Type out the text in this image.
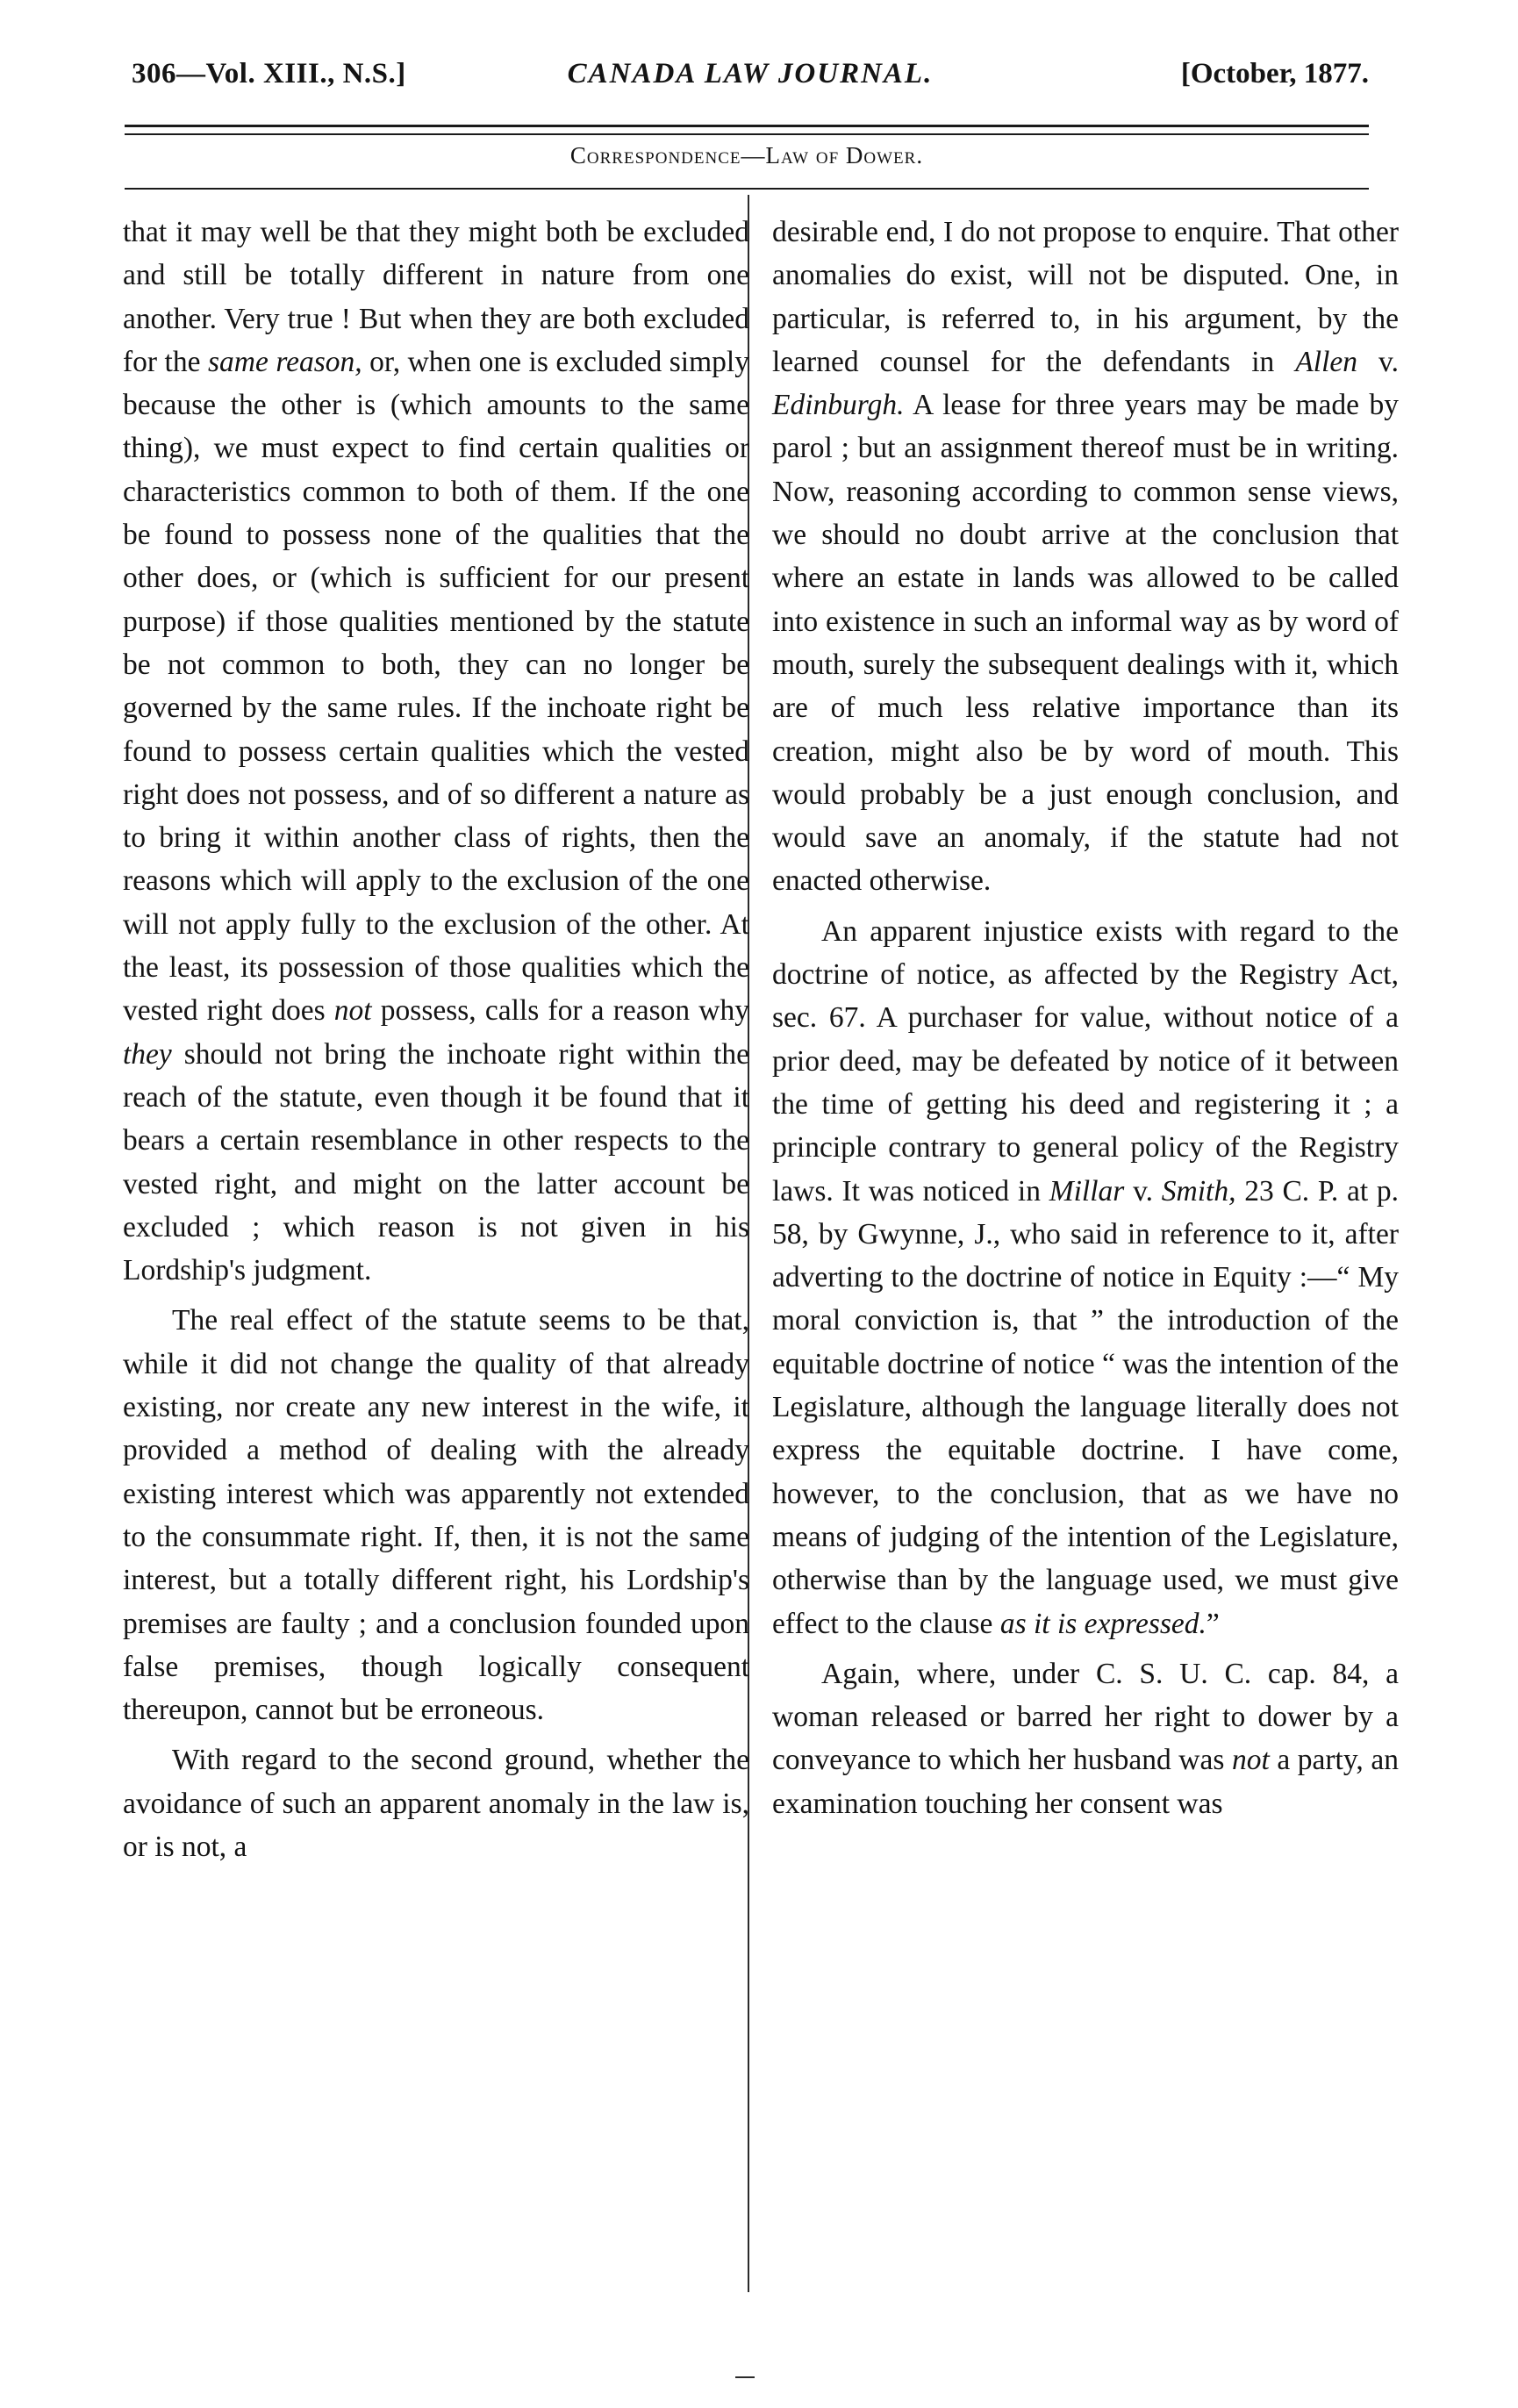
306—Vol. XIII., N.S.]	CANADA LAW JOURNAL.	[October, 1877.
Correspondence—Law of Dower.

that it may well be that they might both be excluded and still be totally different in nature from one another. Very true ! But when they are both excluded for the same reason, or, when one is excluded simply because the other is (which amounts to the same thing), we must expect to find certain qualities or characteristics common to both of them. If the one be found to possess none of the qualities that the other does, or (which is sufficient for our present purpose) if those qualities mentioned by the statute be not common to both, they can no longer be governed by the same rules. If the inchoate right be found to possess certain qualities which the vested right does not possess, and of so different a nature as to bring it within another class of rights, then the reasons which will apply to the exclusion of the one will not apply fully to the exclusion of the other. At the least, its possession of those qualities which the vested right does not possess, calls for a reason why they should not bring the inchoate right within the reach of the statute, even though it be found that it bears a certain resemblance in other respects to the vested right, and might on the latter account be excluded ; which reason is not given in his Lordship's judgment.

The real effect of the statute seems to be that, while it did not change the quality of that already existing, nor create any new interest in the wife, it provided a method of dealing with the already existing interest which was apparently not extended to the consummate right. If, then, it is not the same interest, but a totally different right, his Lordship's premises are faulty ; and a conclusion founded upon false premises, though logically consequent thereupon, cannot but be erroneous.

With regard to the second ground, whether the avoidance of such an apparent anomaly in the law is, or is not, a

desirable end, I do not propose to enquire. That other anomalies do exist, will not be disputed. One, in particular, is referred to, in his argument, by the learned counsel for the defendants in Allen v. Edinburgh. A lease for three years may be made by parol ; but an assignment thereof must be in writing. Now, reasoning according to common sense views, we should no doubt arrive at the conclusion that where an estate in lands was allowed to be called into existence in such an informal way as by word of mouth, surely the subsequent dealings with it, which are of much less relative importance than its creation, might also be by word of mouth. This would probably be a just enough conclusion, and would save an anomaly, if the statute had not enacted otherwise.

An apparent injustice exists with regard to the doctrine of notice, as affected by the Registry Act, sec. 67. A purchaser for value, without notice of a prior deed, may be defeated by notice of it between the time of getting his deed and registering it ; a principle contrary to general policy of the Registry laws. It was noticed in Millar v. Smith, 23 C. P. at p. 58, by Gwynne, J., who said in reference to it, after adverting to the doctrine of notice in Equity :—“ My moral conviction is, that ” the introduction of the equitable doctrine of notice “ was the intention of the Legislature, although the language literally does not express the equitable doctrine. I have come, however, to the conclusion, that as we have no means of judging of the intention of the Legislature, otherwise than by the language used, we must give effect to the clause as it is expressed.”

Again, where, under C. S. U. C. cap. 84, a woman released or barred her right to dower by a conveyance to which her husband was not a party, an examination touching her consent was
